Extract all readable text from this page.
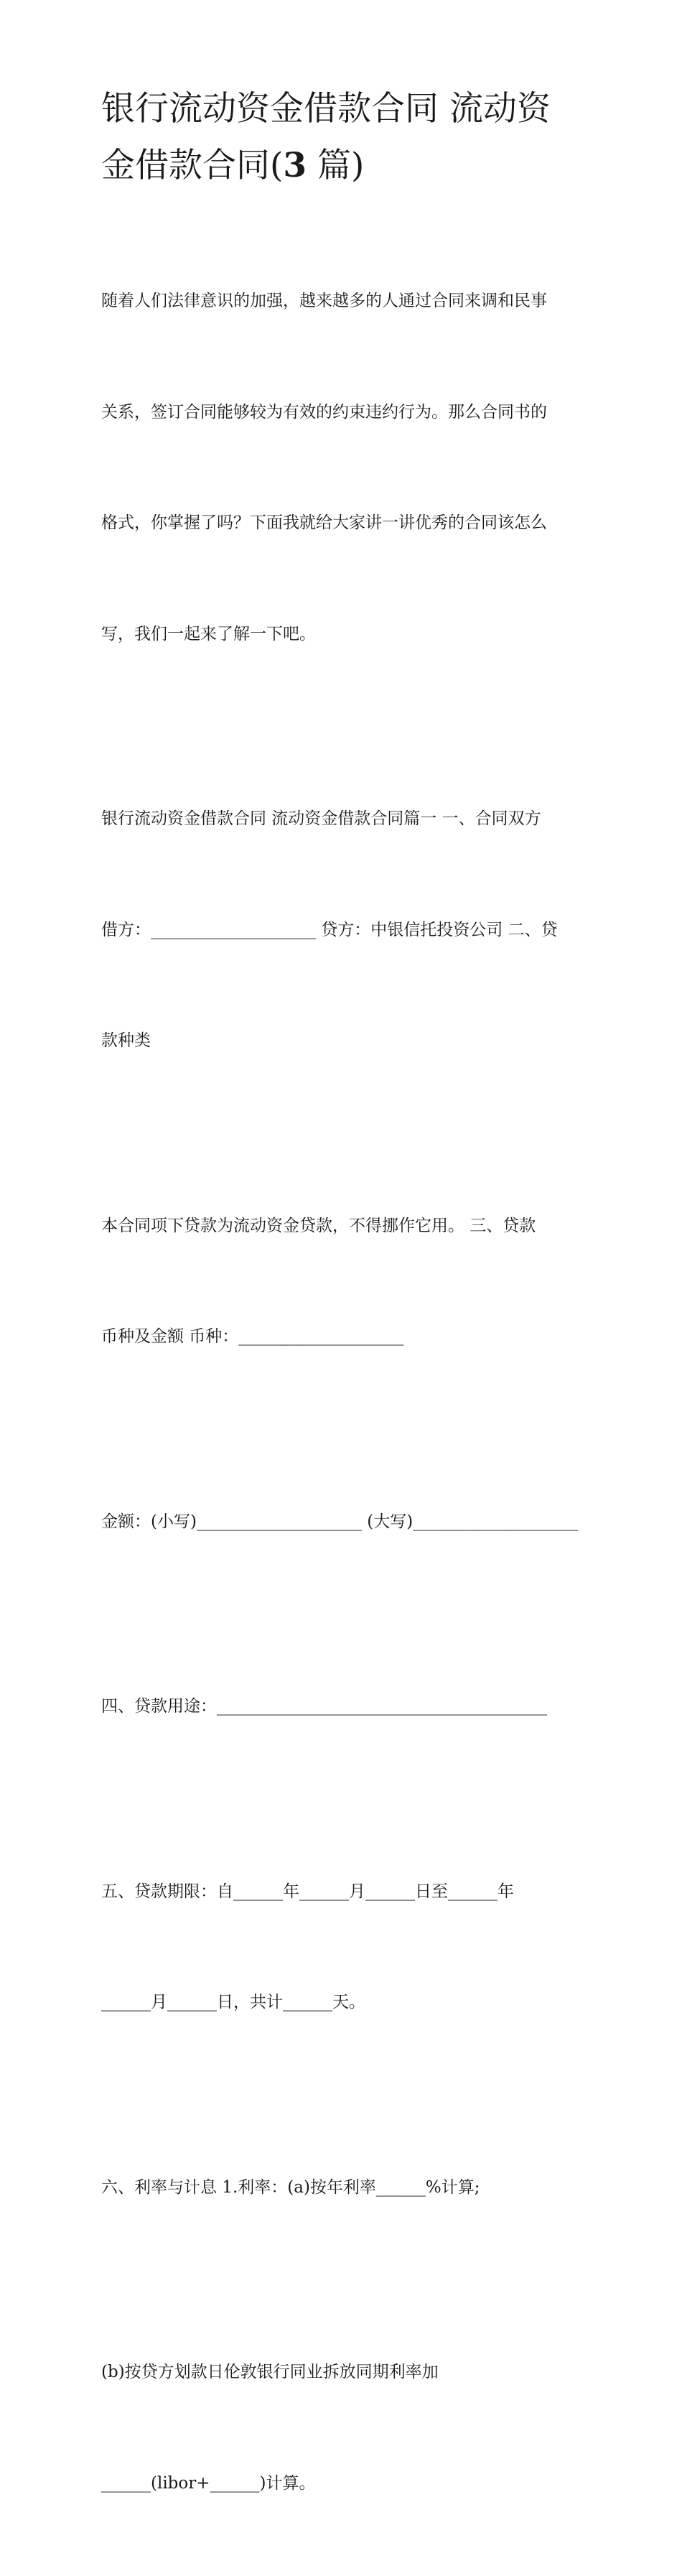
银行流动资金借款合同 流动资
金借款合同(3 篇)

随着人们法律意识的加强，越来越多的人通过合同来调和民事

关系，签订合同能够较为有效的约束违约行为。那么合同书的

格式，你掌握了吗？下面我就给大家讲一讲优秀的合同该怎么

写，我们一起来了解一下吧。

银行流动资金借款合同 流动资金借款合同篇一 一、合同双方

借方：____________________ 贷方：中银信托投资公司 二、贷

款种类

本合同项下贷款为流动资金贷款，不得挪作它用。 三、贷款

币种及金额 币种：____________________

金额：(小写)____________________ (大写)____________________

四、贷款用途：________________________________________

五、贷款期限：自______年______月______日至______年

______月______日，共计______天。

六、利率与计息 1.利率：(a)按年利率______%计算;

(b)按贷方划款日伦敦银行同业拆放同期利率加

______(libor+______)计算。
